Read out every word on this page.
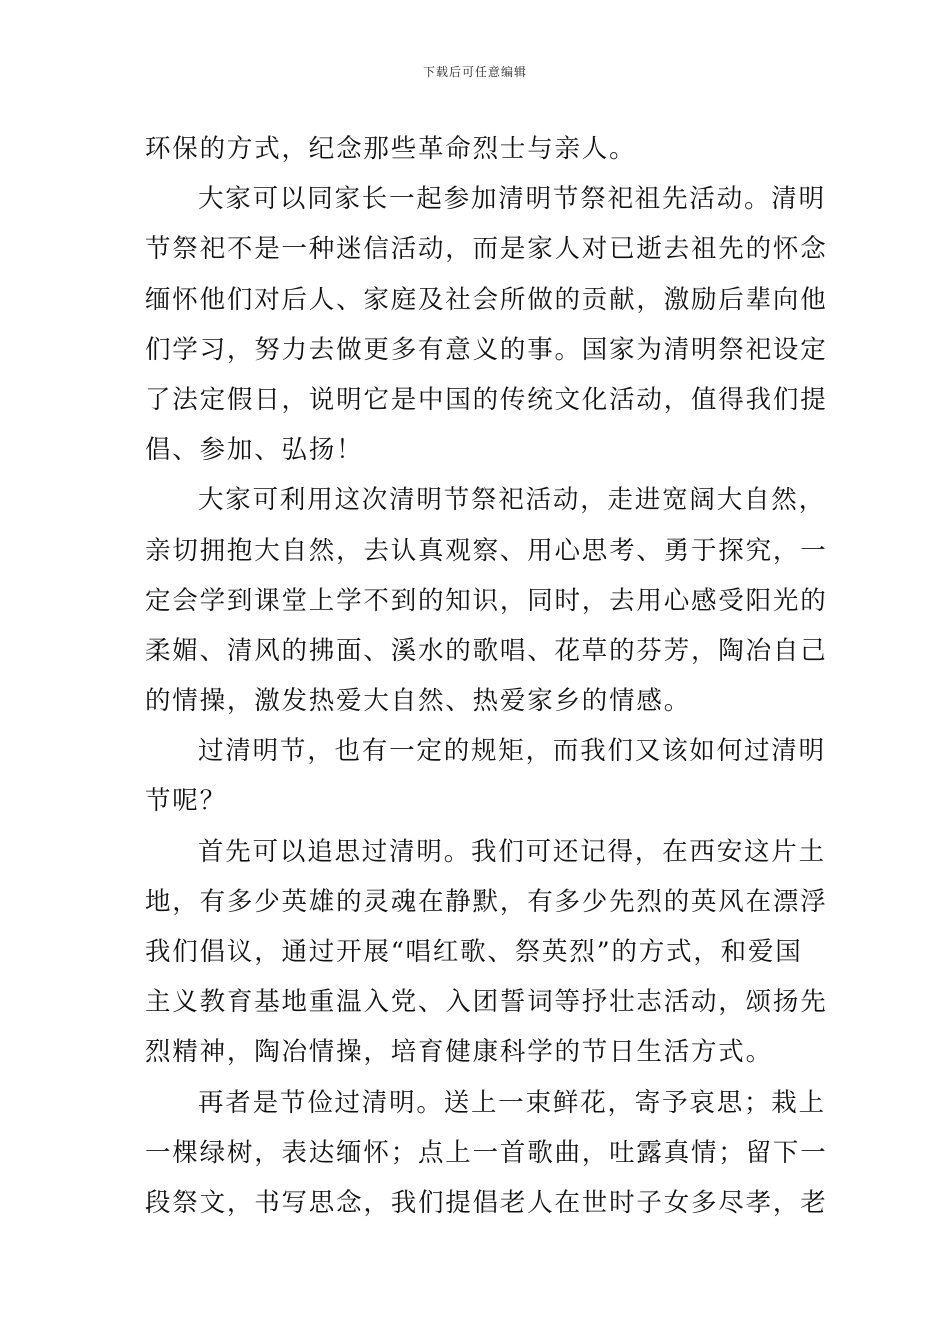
下载后可任意编辑
环保的方式，纪念那些革命烈士与亲人。
大家可以同家长一起参加清明节祭祀祖先活动。清明
节祭祀不是一种迷信活动，而是家人对已逝去祖先的怀念
缅怀他们对后人、家庭及社会所做的贡献，激励后辈向他
们学习，努力去做更多有意义的事。国家为清明祭祀设定
了法定假日，说明它是中国的传统文化活动，值得我们提
倡、参加、弘扬！
大家可利用这次清明节祭祀活动，走进宽阔大自然，
亲切拥抱大自然，去认真观察、用心思考、勇于探究，一
定会学到课堂上学不到的知识，同时，去用心感受阳光的
柔媚、清风的拂面、溪水的歌唱、花草的芬芳，陶冶自己
的情操，激发热爱大自然、热爱家乡的情感。
过清明节，也有一定的规矩，而我们又该如何过清明
节呢？
首先可以追思过清明。我们可还记得，在西安这片土
地，有多少英雄的灵魂在静默，有多少先烈的英风在漂浮
我们倡议，通过开展“唱红歌、祭英烈”的方式，和爱国
主义教育基地重温入党、入团誓词等抒壮志活动，颂扬先
烈精神，陶冶情操，培育健康科学的节日生活方式。
再者是节俭过清明。送上一束鲜花，寄予哀思；栽上
一棵绿树，表达缅怀；点上一首歌曲，吐露真情；留下一
段祭文，书写思念，我们提倡老人在世时子女多尽孝，老
